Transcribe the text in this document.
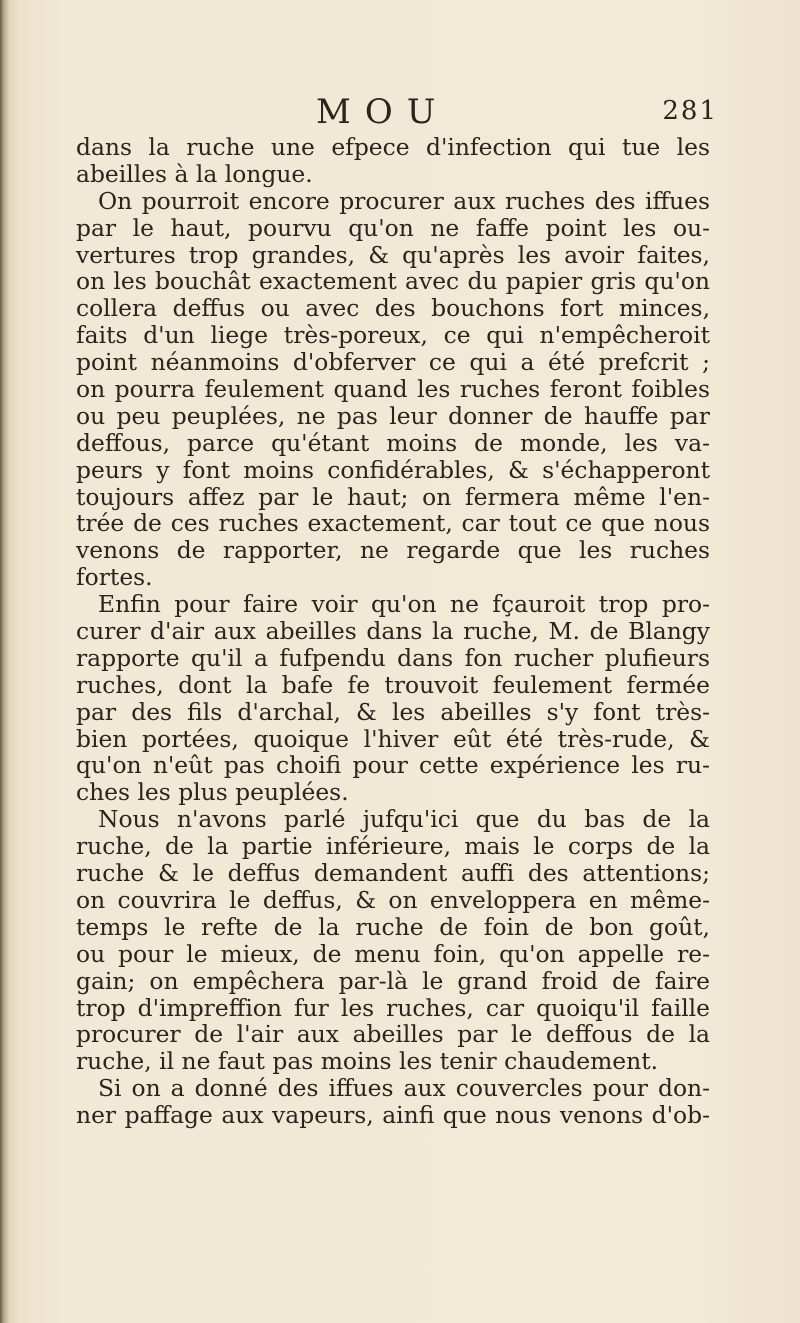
MOU	281
dans la ruche une efpece d'infection qui tue les
abeilles à la longue.
On pourroit encore procurer aux ruches des iffues
par le haut, pourvu qu'on ne faffe point les ou-
vertures trop grandes, & qu'après les avoir faites,
on les bouchât exactement avec du papier gris qu'on
collera deffus ou avec des bouchons fort minces,
faits d'un liege très-poreux, ce qui n'empêcheroit
point néanmoins d'obferver ce qui a été prefcrit ;
on pourra feulement quand les ruches feront foibles
ou peu peuplées, ne pas leur donner de hauffe par
deffous, parce qu'étant moins de monde, les va-
peurs y font moins confidérables, & s'échapperont
toujours affez par le haut; on fermera même l'en-
trée de ces ruches exactement, car tout ce que nous
venons de rapporter, ne regarde que les ruches
fortes.
Enfin pour faire voir qu'on ne fçauroit trop pro-
curer d'air aux abeilles dans la ruche, M. de Blangy
rapporte qu'il a fufpendu dans fon rucher plufieurs
ruches, dont la bafe fe trouvoit feulement fermée
par des fils d'archal, & les abeilles s'y font très-
bien portées, quoique l'hiver eût été très-rude, &
qu'on n'eût pas choifi pour cette expérience les ru-
ches les plus peuplées.
Nous n'avons parlé jufqu'ici que du bas de la
ruche, de la partie inférieure, mais le corps de la
ruche & le deffus demandent auffi des attentions;
on couvrira le deffus, & on enveloppera en même-
temps le refte de la ruche de foin de bon goût,
ou pour le mieux, de menu foin, qu'on appelle re-
gain; on empêchera par-là le grand froid de faire
trop d'impreffion fur les ruches, car quoiqu'il faille
procurer de l'air aux abeilles par le deffous de la
ruche, il ne faut pas moins les tenir chaudement.
Si on a donné des iffues aux couvercles pour don-
ner paffage aux vapeurs, ainfi que nous venons d'ob-
